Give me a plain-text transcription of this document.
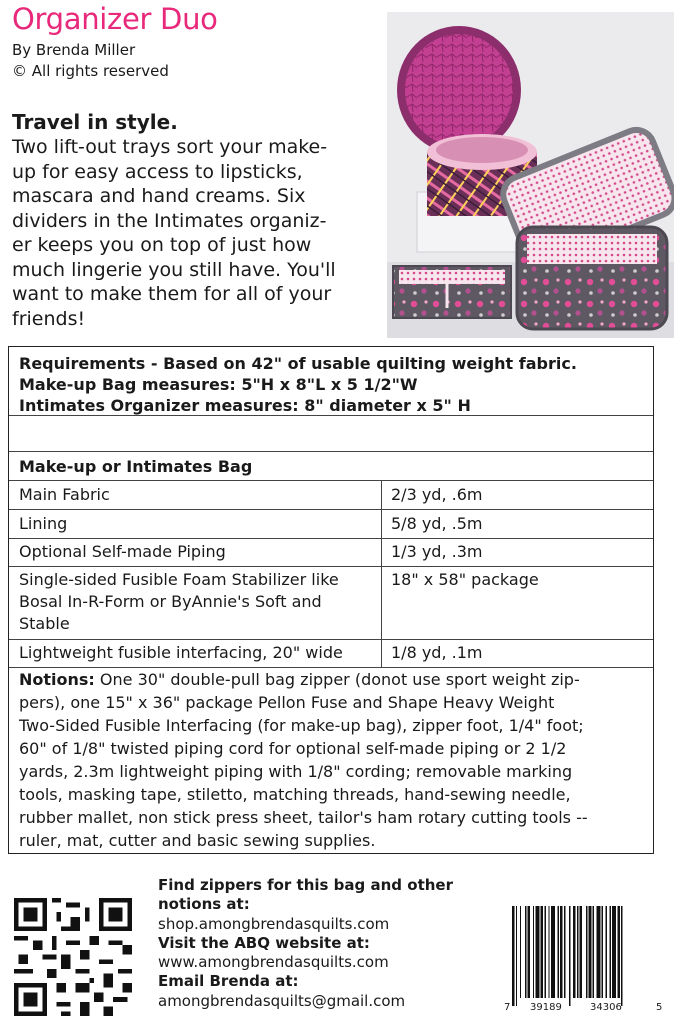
Organizer Duo
By Brenda Miller
© All rights reserved
Travel in style.
Two lift-out trays sort your make-
up for easy access to lipsticks,
mascara and hand creams. Six
dividers in the Intimates organiz-
er keeps you on top of just how
much lingerie you still have. You'll
want to make them for all of your
friends!
Requirements - Based on 42" of usable quilting weight fabric.
Make-up Bag measures: 5"H x 8"L x 5 1/2"W
Intimates Organizer measures: 8" diameter x 5" H
Make-up or Intimates Bag
Main Fabric	2/3 yd, .6m
Lining	5/8 yd, .5m
Optional Self-made Piping	1/3 yd, .3m
Single-sided Fusible Foam Stabilizer like
Bosal In-R-Form or ByAnnie's Soft and
Stable
18" x 58" package
Lightweight fusible interfacing, 20" wide	1/8 yd, .1m
Notions: One 30" double-pull bag zipper (donot use sport weight zip-
pers), one 15" x 36" package Pellon Fuse and Shape Heavy Weight
Two-Sided Fusible Interfacing (for make-up bag), zipper foot, 1/4" foot;
60" of 1/8" twisted piping cord for optional self-made piping or 2 1/2
yards, 2.3m lightweight piping with 1/8" cording; removable marking
tools, masking tape, stiletto, matching threads, hand-sewing needle,
rubber mallet, non stick press sheet, tailor's ham rotary cutting tools --
ruler, mat, cutter and basic sewing supplies.
Find zippers for this bag and other
notions at:
shop.amongbrendasquilts.com
Visit the ABQ website at:
www.amongbrendasquilts.com
Email Brenda at:
amongbrendasquilts@gmail.com	7 39189	34306	5
